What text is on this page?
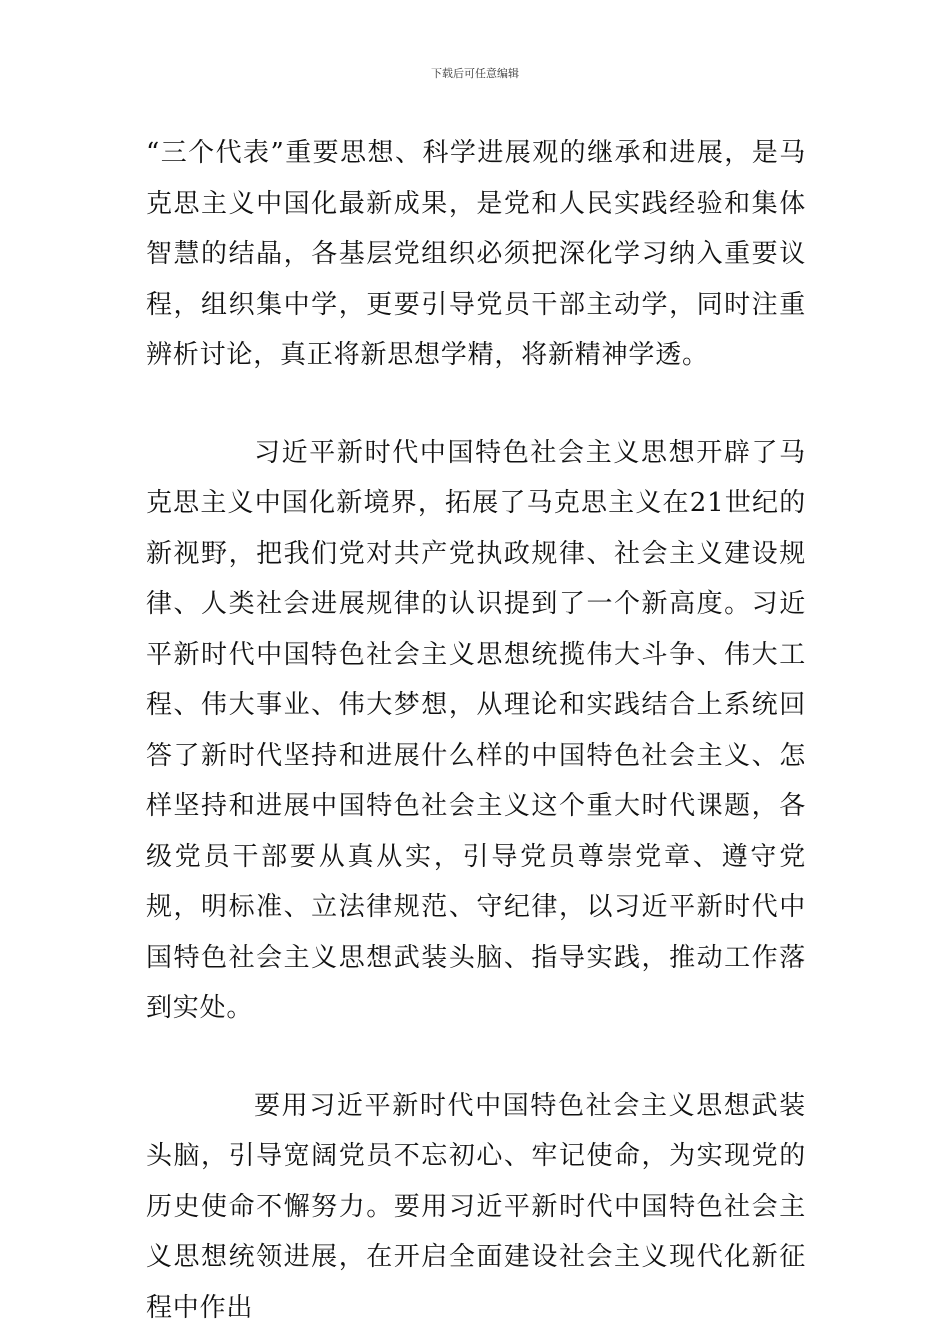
下载后可任意编辑

“三个代表”重要思想、科学进展观的继承和进展，是马克思主义中国化最新成果，是党和人民实践经验和集体智慧的结晶，各基层党组织必须把深化学习纳入重要议程，组织集中学，更要引导党员干部主动学，同时注重辨析讨论，真正将新思想学精，将新精神学透。

习近平新时代中国特色社会主义思想开辟了马克思主义中国化新境界，拓展了马克思主义在21世纪的新视野，把我们党对共产党执政规律、社会主义建设规律、人类社会进展规律的认识提到了一个新高度。习近平新时代中国特色社会主义思想统揽伟大斗争、伟大工程、伟大事业、伟大梦想，从理论和实践结合上系统回答了新时代坚持和进展什么样的中国特色社会主义、怎样坚持和进展中国特色社会主义这个重大时代课题，各级党员干部要从真从实，引导党员尊崇党章、遵守党规，明标准、立法律规范、守纪律，以习近平新时代中国特色社会主义思想武装头脑、指导实践，推动工作落到实处。

要用习近平新时代中国特色社会主义思想武装头脑，引导宽阔党员不忘初心、牢记使命，为实现党的历史使命不懈努力。要用习近平新时代中国特色社会主义思想统领进展，在开启全面建设社会主义现代化新征程中作出
